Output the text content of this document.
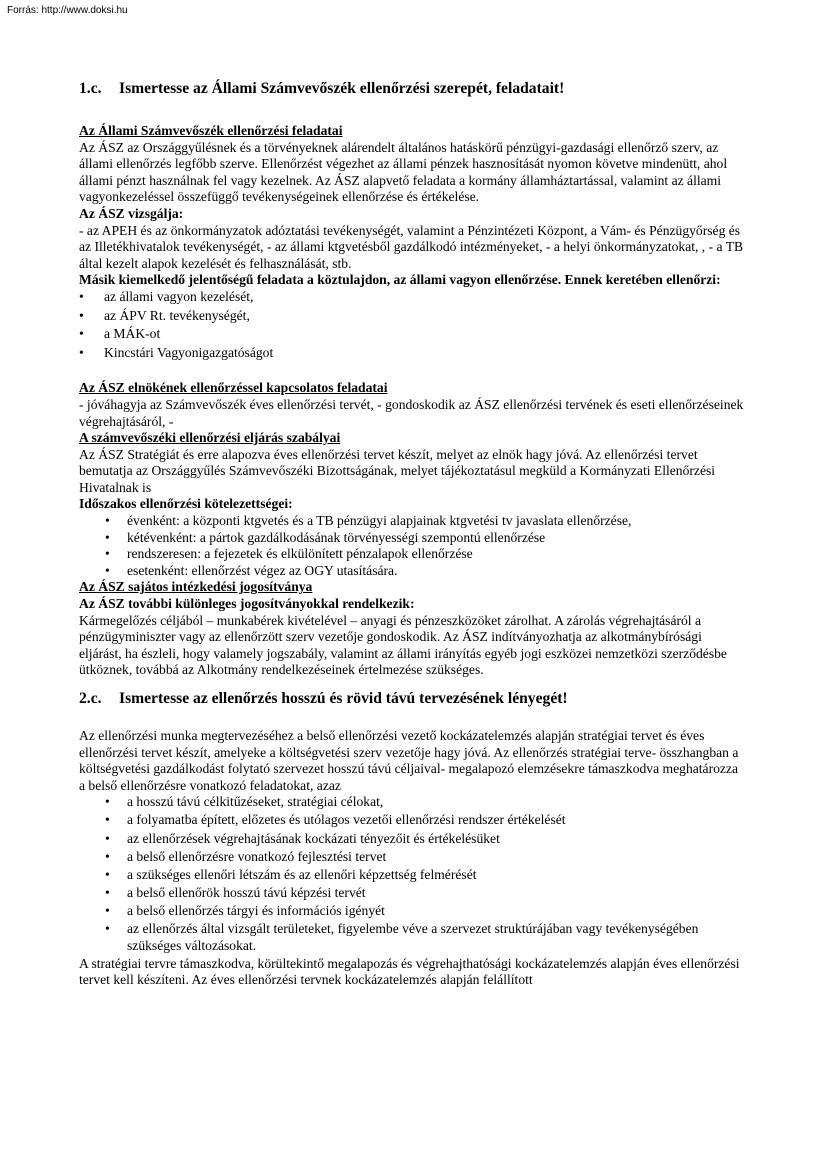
Forrás: http://www.doksi.hu
1.c. Ismertesse az Állami Számvevőszék ellenőrzési szerepét, feladatait!

Az Állami Számvevőszék ellenőrzési feladatai

Az ÁSZ az Országgyűlésnek és a törvényeknek alárendelt általános hatáskörű pénzügyi-gazdasági ellenőrző szerv, az állami ellenőrzés legfőbb szerve. Ellenőrzést végezhet az állami pénzek hasznosítását nyomon követve mindenütt, ahol állami pénzt használnak fel vagy kezelnek. Az ÁSZ alapvető feladata a kormány államháztartással, valamint az állami vagyonkezeléssel összefüggő tevékenységeinek ellenőrzése és értékelése.

Az ÁSZ vizsgálja:

- az APEH és az önkormányzatok adóztatási tevékenységét, valamint a Pénzintézeti Központ, a Vám- és Pénzügyőrség és az Illetékhivatalok tevékenységét, - az állami ktgvetésből gazdálkodó intézményeket, - a helyi önkormányzatokat, , - a TB által kezelt alapok kezelését és felhasználását, stb.

Másik kiemelkedő jelentőségű feladata a köztulajdon, az állami vagyon ellenőrzése. Ennek keretében ellenőrzi:

• az állami vagyon kezelését,
• az ÁPV Rt. tevékenységét,
• a MÁK-ot
• Kincstári Vagyonigazgatóságot

Az ÁSZ elnökének ellenőrzéssel kapcsolatos feladatai

- jóváhagyja az Számvevőszék éves ellenőrzési tervét, - gondoskodik az ÁSZ ellenőrzési tervének és eseti ellenőrzéseinek végrehajtásáról, -

A számvevőszéki ellenőrzési eljárás szabályai

Az ÁSZ Stratégiát és erre alapozva éves ellenőrzési tervet készít, melyet az elnök hagy jóvá. Az ellenőrzési tervet bemutatja az Országgyűlés Számvevőszéki Bizottságának, melyet tájékoztatásul megküld a Kormányzati Ellenőrzési Hivatalnak is

Időszakos ellenőrzési kötelezettségei:

• évenként: a központi ktgvetés és a TB pénzügyi alapjainak ktgvetési tv javaslata ellenőrzése,
• kétévenként: a pártok gazdálkodásának törvényességi szempontú ellenőrzése
• rendszeresen: a fejezetek és elkülönített pénzalapok ellenőrzése
• esetenként: ellenőrzést végez az OGY utasítására.

Az ÁSZ sajátos intézkedési jogosítványa

Az ÁSZ további különleges jogosítványokkal rendelkezik:

Kármegelőzés céljából – munkabérek kivételével – anyagi és pénzeszközöket zárolhat. A zárolás végrehajtásáról a pénzügyminiszter vagy az ellenőrzött szerv vezetője gondoskodik. Az ÁSZ indítványozhatja az alkotmánybírósági eljárást, ha észleli, hogy valamely jogszabály, valamint az állami irányítás egyéb jogi eszközei nemzetközi szerződésbe ütköznek, továbbá az Alkotmány rendelkezéseinek értelmezése szükséges.

2.c. Ismertesse az ellenőrzés hosszú és rövid távú tervezésének lényegét!

Az ellenőrzési munka megtervezéséhez a belső ellenőrzési vezető kockázatelemzés alapján stratégiai tervet és éves ellenőrzési tervet készít, amelyeke a költségvetési szerv vezetője hagy jóvá. Az ellenőrzés stratégiai terve- összhangban a költségvetési gazdálkodást folytató szervezet hosszú távú céljaival- megalapozó elemzésekre támaszkodva meghatározza a belső ellenőrzésre vonatkozó feladatokat, azaz

• a hosszú távú célkitűzéseket, stratégiai célokat,
• a folyamatba épített, előzetes és utólagos vezetői ellenőrzési rendszer értékelését
• az ellenőrzések végrehajtásának kockázati tényezőit és értékelésüket
• a belső ellenőrzésre vonatkozó fejlesztési tervet
• a szükséges ellenőri létszám és az ellenőri képzettség felmérését
• a belső ellenőrök hosszú távú képzési tervét
• a belső ellenőrzés tárgyi és információs igényét
• az ellenőrzés által vizsgált területeket, figyelembe véve a szervezet struktúrájában vagy tevékenységében szükséges változásokat.

A stratégiai tervre támaszkodva, körültekintő megalapozás és végrehajthatósági kockázatelemzés alapján éves ellenőrzési tervet kell készíteni. Az éves ellenőrzési tervnek kockázatelemzés alapján felállított
